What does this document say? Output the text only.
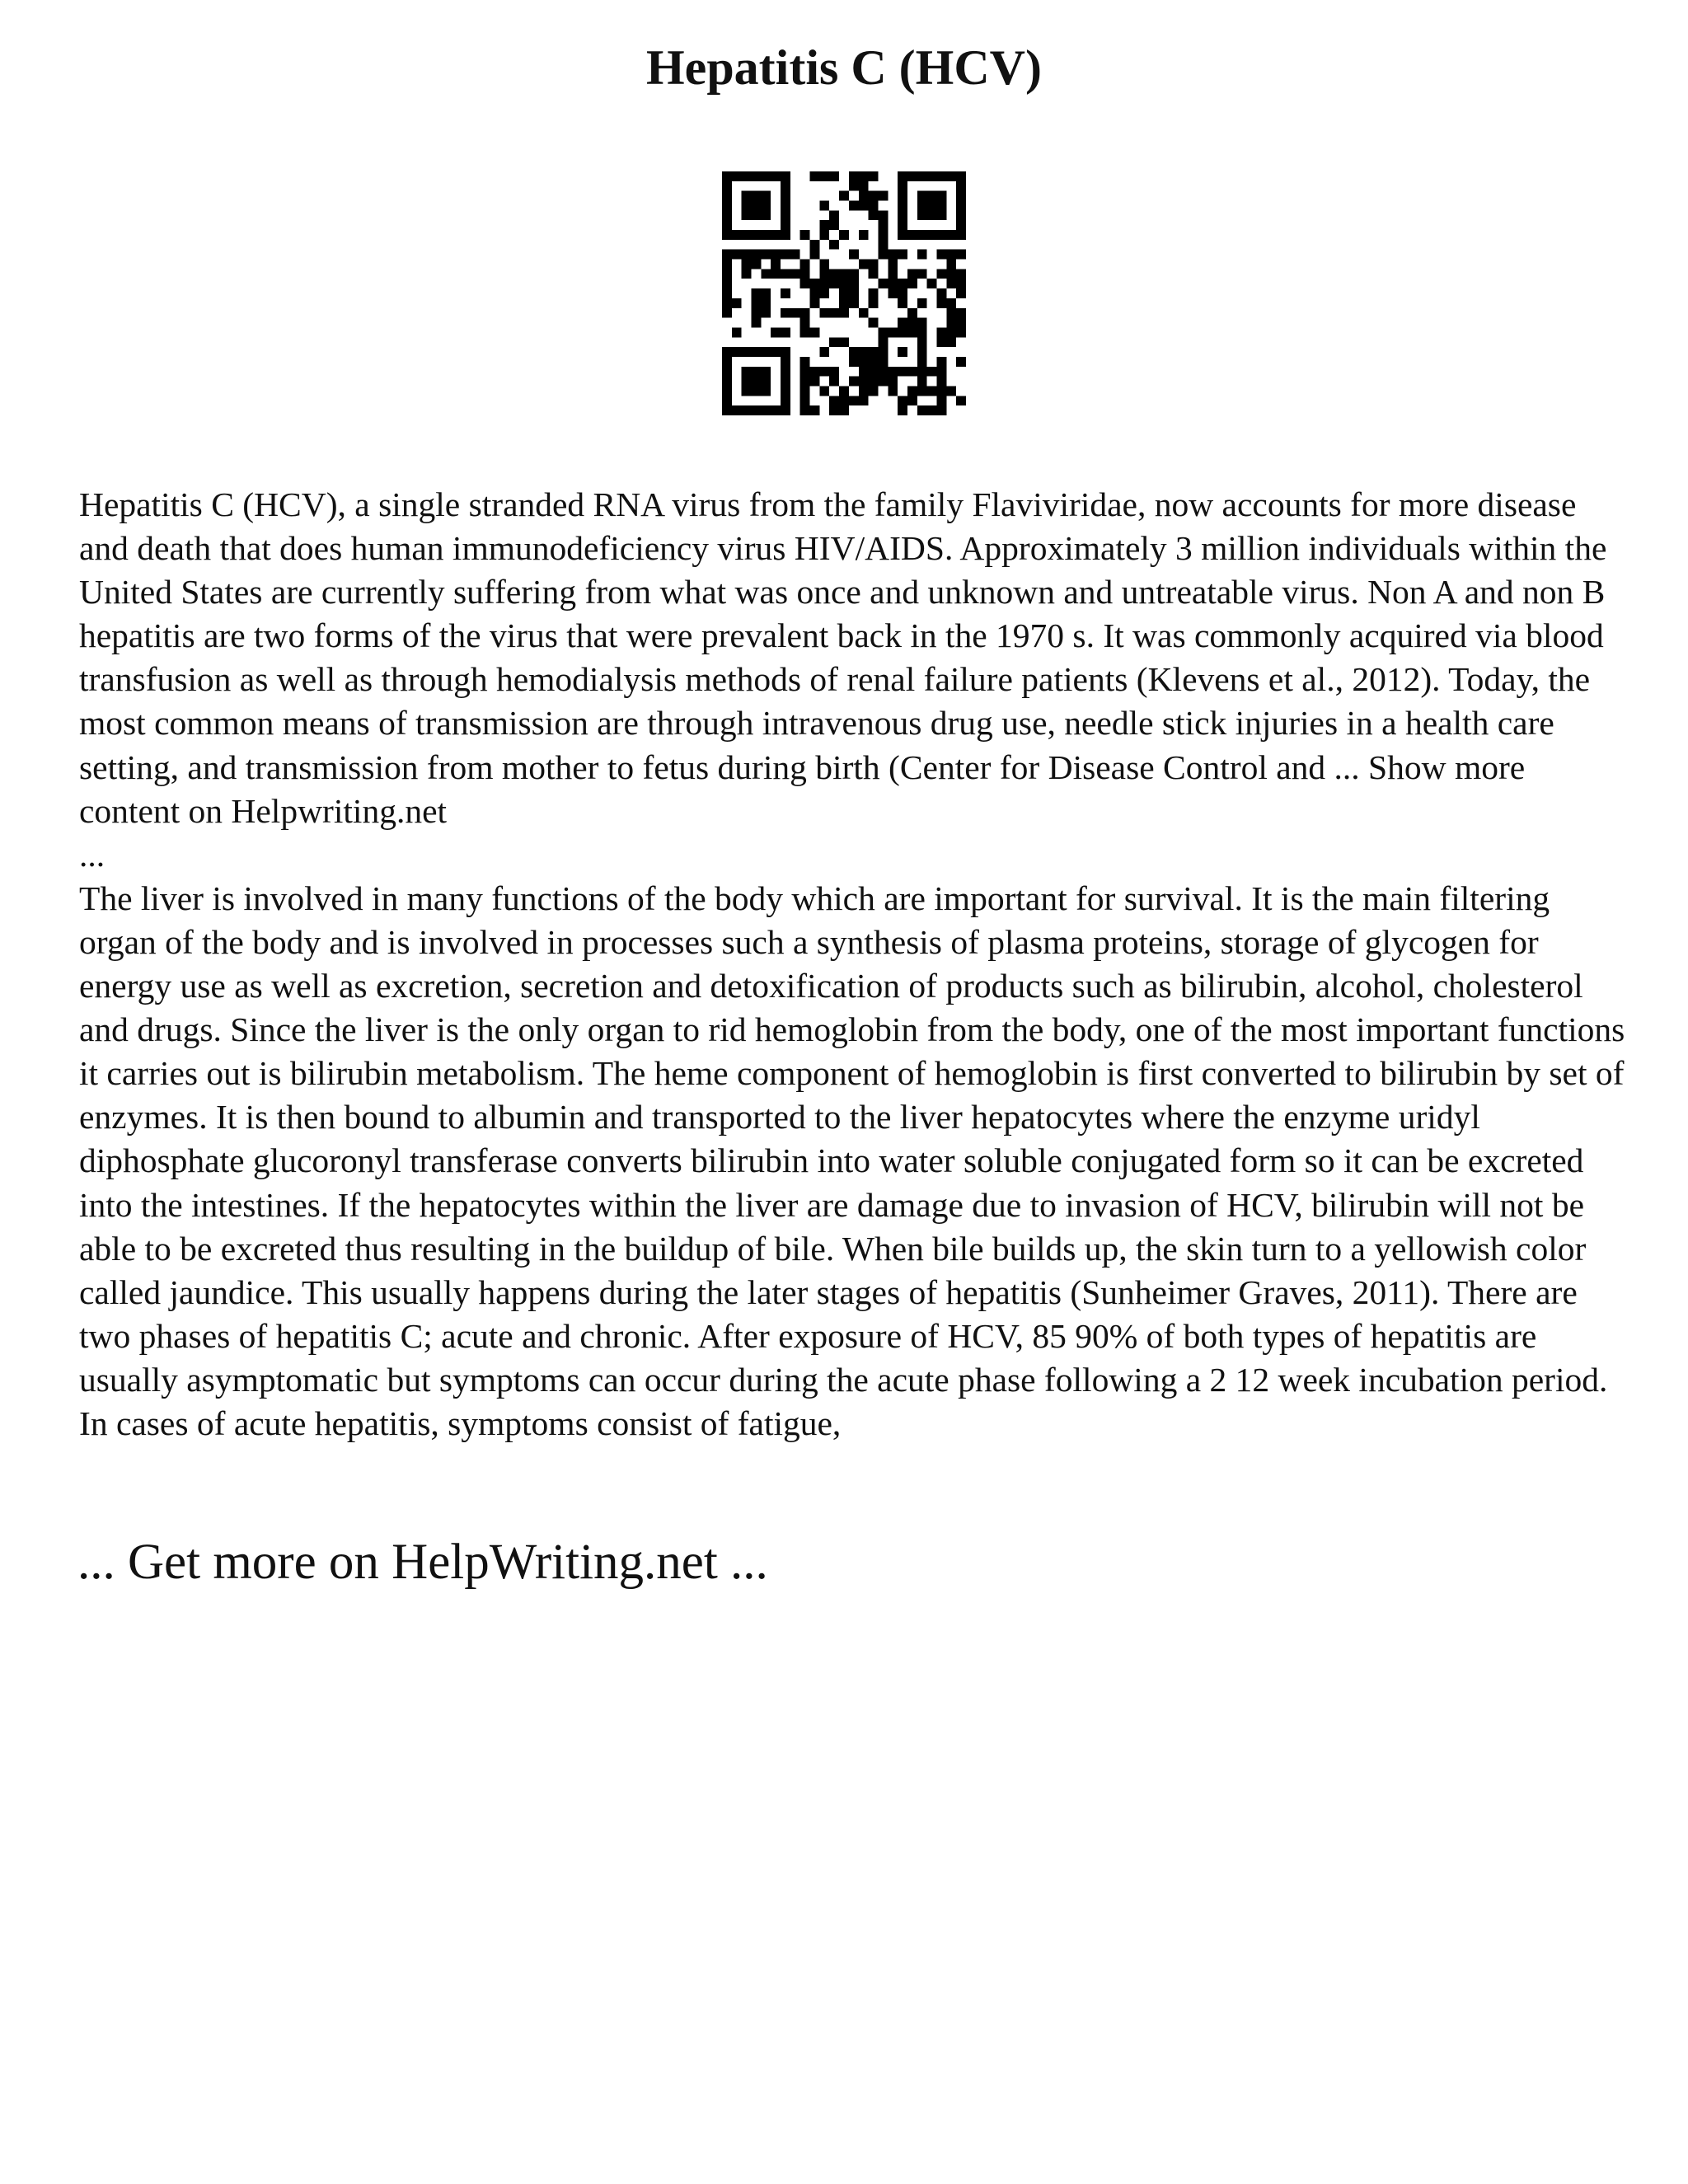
Hepatitis C (HCV)

Hepatitis C (HCV), a single stranded RNA virus from the family Flaviviridae, now accounts for more disease and death that does human immunodeficiency virus HIV/AIDS. Approximately 3 million individuals within the United States are currently suffering from what was once and unknown and untreatable virus. Non A and non B hepatitis are two forms of the virus that were prevalent back in the 1970 s. It was commonly acquired via blood transfusion as well as through hemodialysis methods of renal failure patients (Klevens et al., 2012). Today, the most common means of transmission are through intravenous drug use, needle stick injuries in a health care setting, and transmission from mother to fetus during birth (Center for Disease Control and ... Show more content on Helpwriting.net

...

The liver is involved in many functions of the body which are important for survival. It is the main filtering organ of the body and is involved in processes such a synthesis of plasma proteins, storage of glycogen for energy use as well as excretion, secretion and detoxification of products such as bilirubin, alcohol, cholesterol and drugs. Since the liver is the only organ to rid hemoglobin from the body, one of the most important functions it carries out is bilirubin metabolism. The heme component of hemoglobin is first converted to bilirubin by set of enzymes. It is then bound to albumin and transported to the liver hepatocytes where the enzyme uridyl diphosphate glucoronyl transferase converts bilirubin into water soluble conjugated form so it can be excreted into the intestines. If the hepatocytes within the liver are damage due to invasion of HCV, bilirubin will not be able to be excreted thus resulting in the buildup of bile. When bile builds up, the skin turn to a yellowish color called jaundice. This usually happens during the later stages of hepatitis (Sunheimer Graves, 2011). There are two phases of hepatitis C; acute and chronic. After exposure of HCV, 85 90% of both types of hepatitis are usually asymptomatic but symptoms can occur during the acute phase following a 2 12 week incubation period. In cases of acute hepatitis, symptoms consist of fatigue,

... Get more on HelpWriting.net ...
